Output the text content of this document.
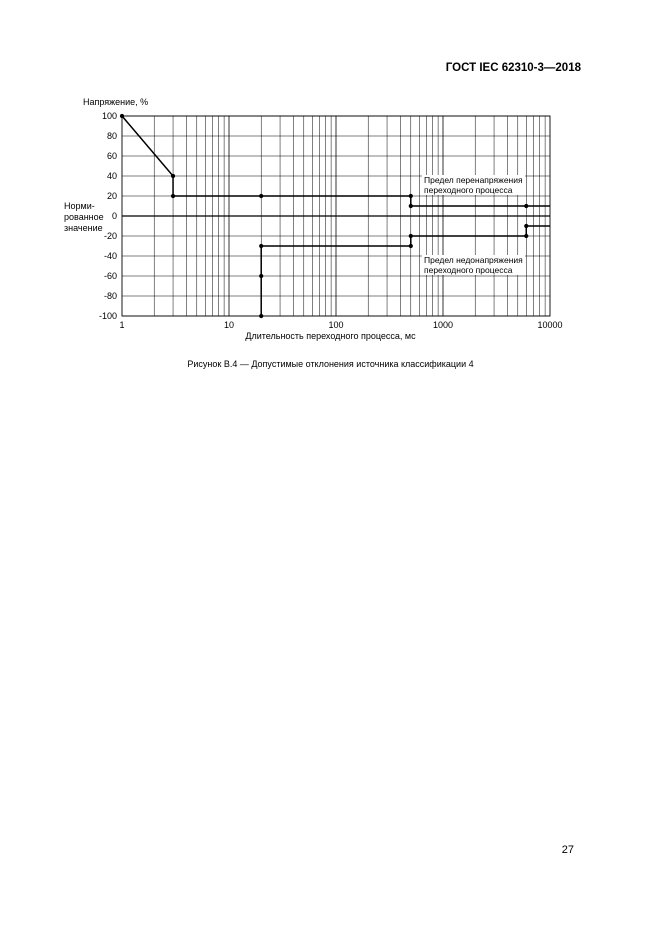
ГОСТ IEC 62310-3—2018
Напряжение, %
Норми-
рованное
значение
100
80
60
40
20
0
-20
-40
-60
-80
-100
1	10	100	1000	10000
Предел перенапряжения
переходного процесса
Предел недонапряжения
переходного процесса
Длительность переходного процесса, мс
Рисунок В.4 — Допустимые отклонения источника классификации 4
27
